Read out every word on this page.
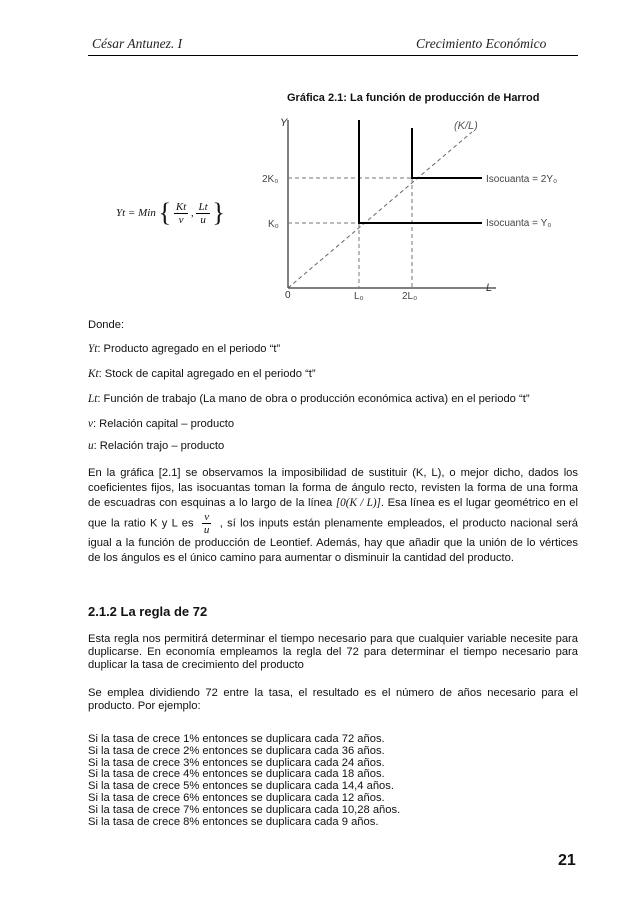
César Antunez. I	Crecimiento Económico
Gráfica 2.1: La función de producción de Harrod
Y
L
0
(K/L)
2K₀
K₀
L₀	2L₀
Isocuanta = 2Y₀
Isocuanta = Y₀
Yt = Min { $\frac{Kt}{v}$ , $\frac{Lt}{u}$ }
Donde:
Yt: Producto agregado en el periodo “t”
Kt: Stock de capital agregado en el periodo “t”
Lt: Función de trabajo (La mano de obra o producción económica activa) en el periodo “t”
v: Relación capital – producto
u: Relación trajo – producto
En la gráfica [2.1] se observamos la imposibilidad de sustituir (K, L), o mejor dicho, dados los coeficientes fijos, las isocuantas toman la forma de ángulo recto, revisten la forma de una forma de escuadras con esquinas a lo largo de la línea [0(K / L)]. Esa línea es el lugar geométrico en el que la ratio K y L es $\frac{v}{u}$ , sí los inputs están plenamente empleados, el producto nacional será igual a la función de producción de Leontief. Además, hay que añadir que la unión de lo vértices de los ángulos es el único camino para aumentar o disminuir la cantidad del producto.
2.1.2 La regla de 72
Esta regla nos permitirá determinar el tiempo necesario para que cualquier variable necesite para duplicarse. En economía empleamos la regla del 72 para determinar el tiempo necesario para duplicar la tasa de crecimiento del producto
Se emplea dividiendo 72 entre la tasa, el resultado es el número de años necesario para el producto. Por ejemplo:
Si la tasa de crece 1% entonces se duplicara cada 72 años.
Si la tasa de crece 2% entonces se duplicara cada 36 años.
Si la tasa de crece 3% entonces se duplicara cada 24 años.
Si la tasa de crece 4% entonces se duplicara cada 18 años.
Si la tasa de crece 5% entonces se duplicara cada 14,4 años.
Si la tasa de crece 6% entonces se duplicara cada 12 años.
Si la tasa de crece 7% entonces se duplicara cada 10,28 años.
Si la tasa de crece 8% entonces se duplicara cada 9 años.
21
